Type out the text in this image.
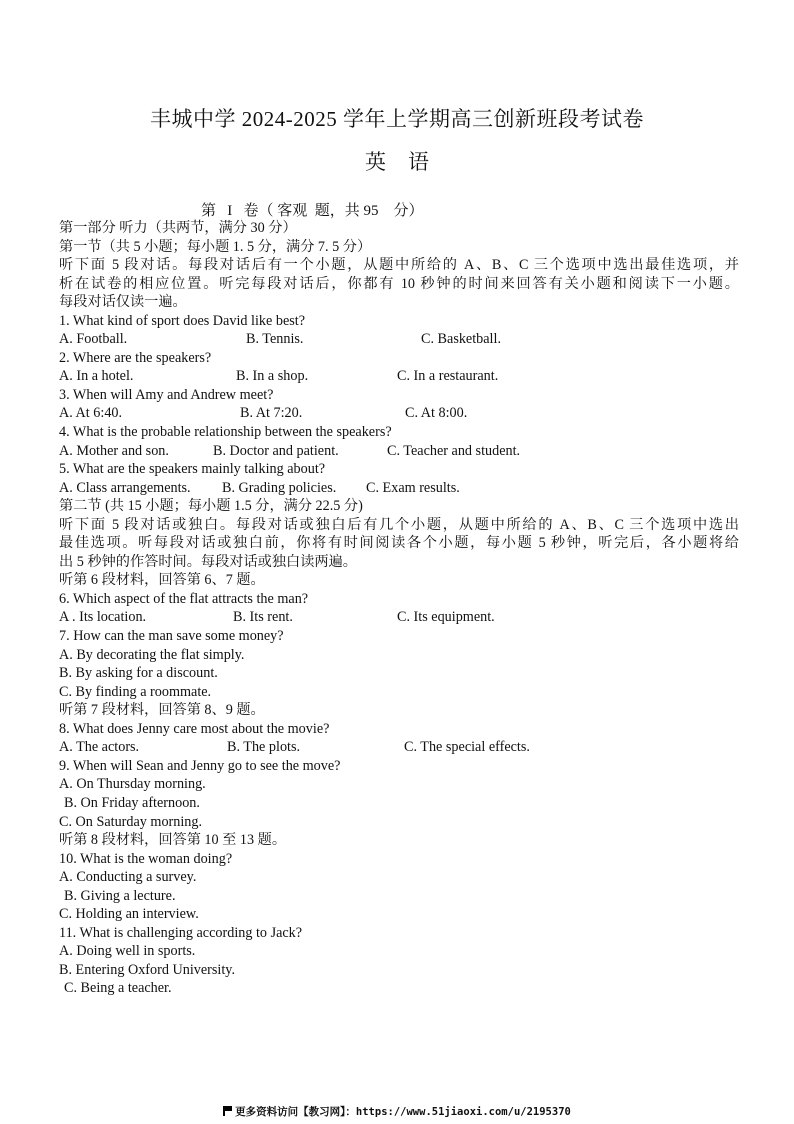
丰城中学 2024-2025 学年上学期高三创新班段考试卷
英语
第   I   卷（ 客观  题，共 95    分）
第一部分 听力（共两节，满分 30 分）
第一节（共 5 小题；每小题 1. 5 分，满分 7. 5 分）
听下面 5 段对话。每段对话后有一个小题，从题中所给的 A、B、C 三个选项中选出最佳选项，并
析在试卷的相应位置。听完每段对话后，你都有 10 秒钟的时间来回答有关小题和阅读下一小题。
每段对话仅读一遍。
1. What kind of sport does David like best?
A. Football.	B. Tennis.	C. Basketball.
2. Where are the speakers?
A. In a hotel.	B. In a shop.	C. In a restaurant.
3. When will Amy and Andrew meet?
A. At 6:40.	B. At 7:20.	C. At 8:00.
4. What is the probable relationship between the speakers?
A. Mother and son.	B. Doctor and patient.	C. Teacher and student.
5. What are the speakers mainly talking about?
A. Class arrangements. B. Grading policies. C. Exam results.
第二节 (共 15 小题；每小题 1.5 分，满分 22.5 分)
听下面 5 段对话或独白。每段对话或独白后有几个小题，从题中所给的 A、B、C 三个选项中选出
最佳选项。听每段对话或独白前，你将有时间阅读各个小题，每小题 5 秒钟，听完后，各小题将给
出 5 秒钟的作答时间。每段对话或独白读两遍。
听第 6 段材料，回答第 6、7 题。
6. Which aspect of the flat attracts the man?
A . Its location.	B. Its rent.	C. Its equipment.
7. How can the man save some money?
A. By decorating the flat simply.
B. By asking for a discount.
C. By finding a roommate.
听第 7 段材料，回答第 8、9 题。
8. What does Jenny care most about the movie?
A. The actors.	B. The plots.	C. The special effects.
9. When will Sean and Jenny go to see the move?
A. On Thursday morning.
B. On Friday afternoon.
C. On Saturday morning.
听第 8 段材料，回答第 10 至 13 题。
10. What is the woman doing?
A. Conducting a survey.
B. Giving a lecture.
C. Holding an interview.
11. What is challenging according to Jack?
A. Doing well in sports.
B. Entering Oxford University.
C. Being a teacher.
更多资料访问【教习网】：https://www.51jiaoxi.com/u/2195370
